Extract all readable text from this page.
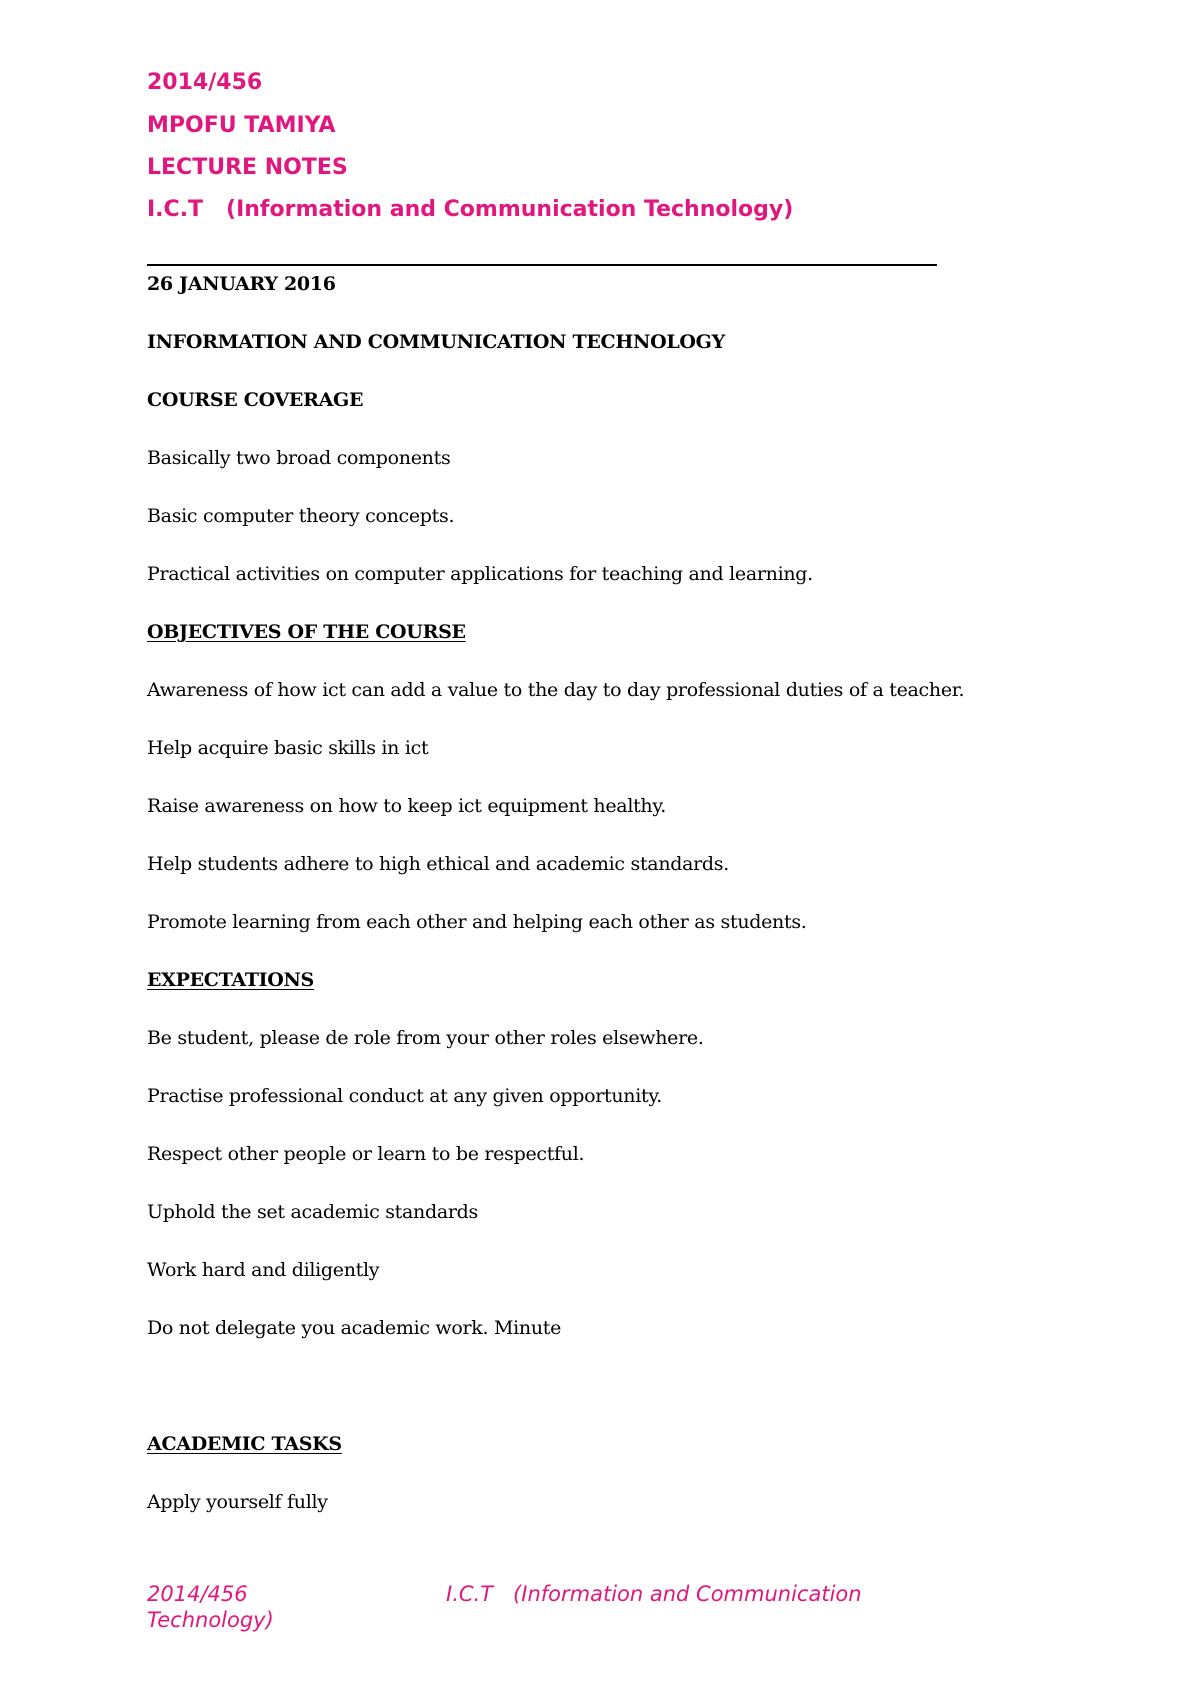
2014/456
MPOFU TAMIYA
LECTURE NOTES
I.C.T   (Information and Communication Technology)
26 JANUARY 2016
INFORMATION AND COMMUNICATION TECHNOLOGY
COURSE COVERAGE
Basically two broad components
Basic computer theory concepts.
Practical activities on computer applications for teaching and learning.
OBJECTIVES OF THE COURSE
Awareness of how ict can add a value to the day to day professional duties of a teacher.
Help acquire basic skills in ict
Raise awareness on how to keep ict equipment healthy.
Help students adhere to high ethical and academic standards.
Promote learning from each other and helping each other as students.
EXPECTATIONS
Be student, please de role from your other roles elsewhere.
Practise professional conduct at any given opportunity.
Respect other people or learn to be respectful.
Uphold the set academic standards
Work hard and diligently
Do not delegate you academic work. Minute
ACADEMIC TASKS
Apply yourself fully
2014/456	I.C.T   (Information and Communication
Technology)
